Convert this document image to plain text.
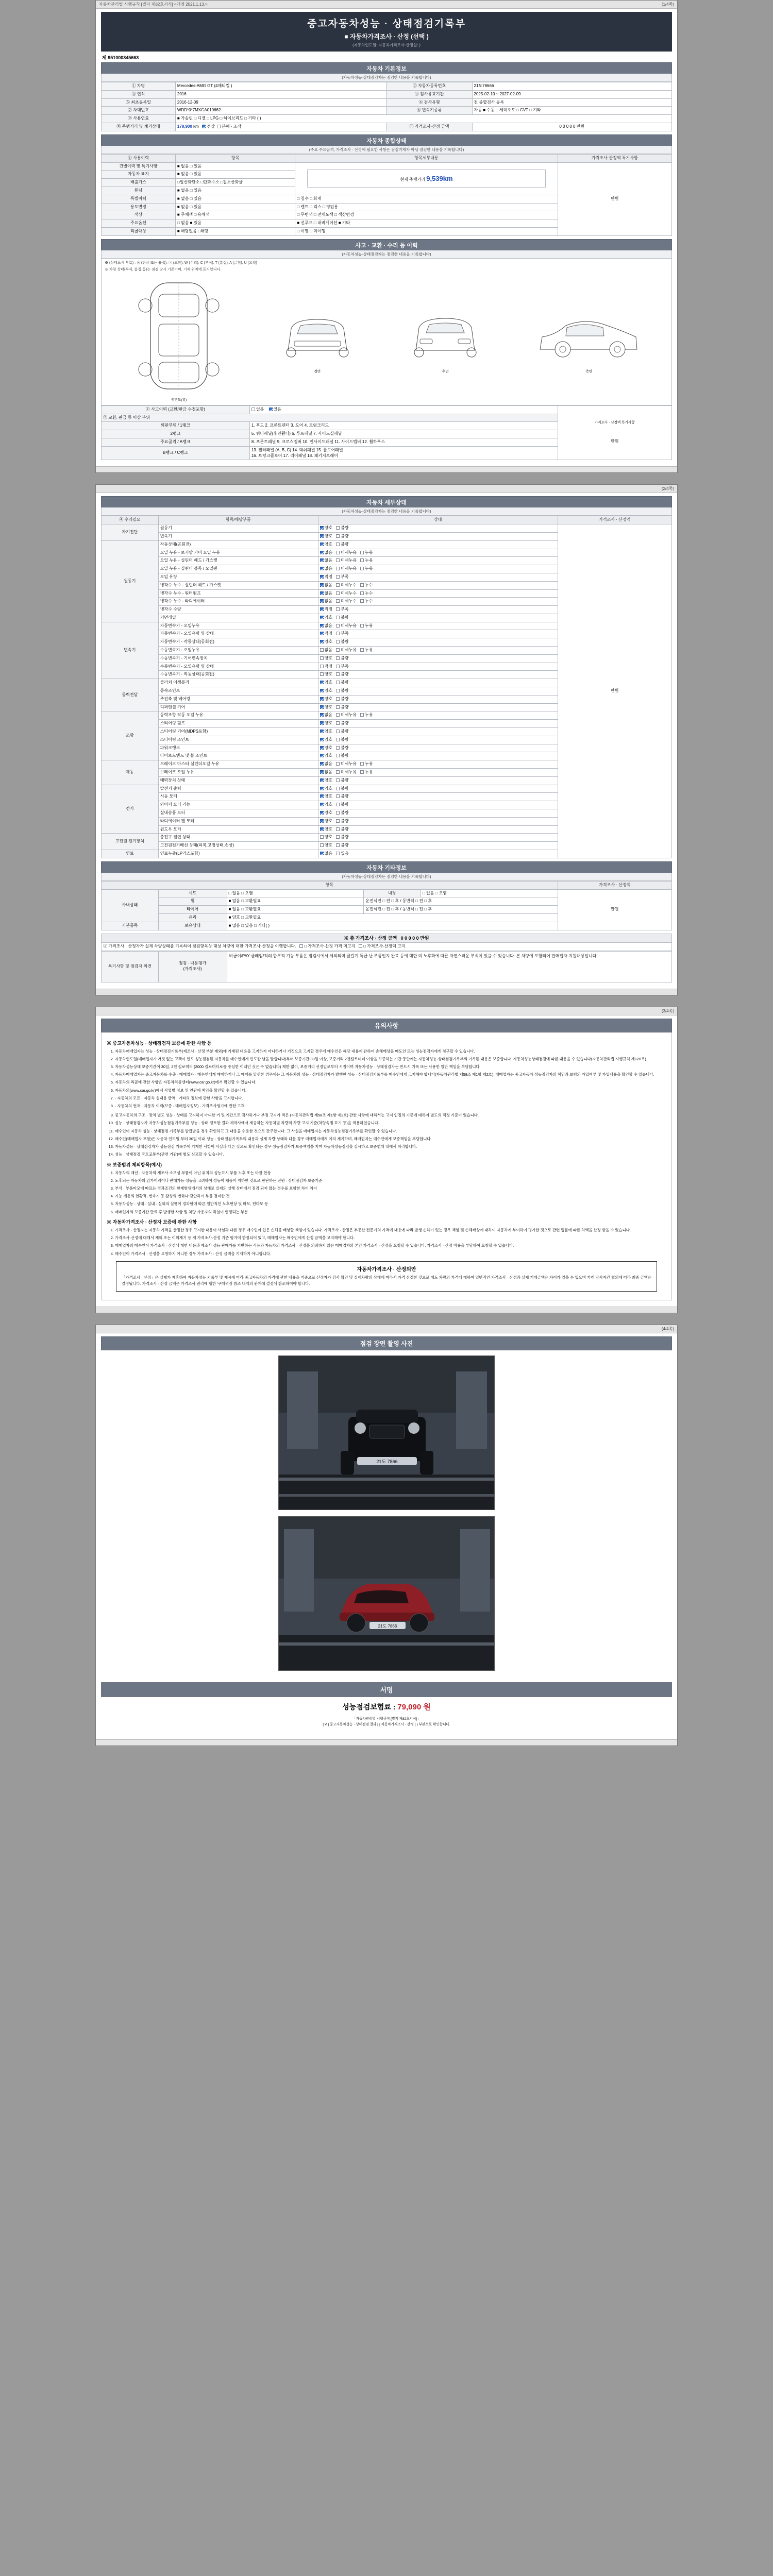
자동차관리법 시행규칙 [별지 제82호서식] <개정 2021.1.13.>	(1/4쪽)
중고자동차성능 · 상태점검기록부
■ 자동차가격조사 · 산정 (선택 )
(자동차인도일: 자동차가격조사·산정일: )
제 951000345663
자동차 기본정보
(자동차성능·상태점검자는 점검한 내용을 기록합니다)
① 차명	Mercedes-AMG GT (4매티컬 )	② 자동차등록번호	21도78666
③ 연식	2016	④ 검사유효기간	2025-02-10 ~ 2027-02-09
⑤ 최초등록일	2016-12-09	⑥ 검사유형	전 종합검사 등록
⑦ 차대번호	WDD*0*7MXGA010662	⑧ 변속기종류	자동 ■ 수동 □ 세미오토 □ CVT □ 기타
⑨ 사용연료	■ 가솔린 □ 디젤 □ LPG □ 하이브리드 □ 기타 ( )		
⑩ 주행거리 및 계기상태	179,900 km 정상  분해 · 조작	⑪ 가격조사·산정 금액	0 0 0 0 0 만원
자동차 종합상태
(주요 주요골격, 가격조사 · 산정에 필요한 사항은 점검기재자 아님 점검한 내용을 기록합니다)
① 사용이력	항목	항목세부내용	가격조사·산정액 특기사항
건별이력 및 특기사항	■ 없음 □ 있음	현재 주행거리 9,539km	만원
자동차 표지	■ 없음 □ 있음		
배출가스	□일산화탄소 □탄화수소 □질소산화물		
튜닝	■ 없음 □ 있음		
특별이력	■ 없음 □ 있음	□ 침수 □ 화재	
용도변경	■ 없음 □ 있음	□ 렌트 □ 리스 □ 영업용	
색상	■ 무채색 □ 유채색	□ 무변색 □ 전체도색 □ 색상변경	
주요옵션	□ 없음 ■ 있음	■ 선루프 □ 내비게이션 ■ 기타	
리콜대상	■ 해당없음 □해당	□ 이행 □ 미이행	
사고 · 교환 · 수리 등 이력
(자동차성능·상태점검자는 점검한 내용을 기록합니다)
※ (상태표시 부호) : ⊗ (판금 또는 용접), ⓧ (교환), W (수리), C (부식), T (흠집), A (긁힘), U (요철)
※ 차량 상태(부식, 흠집 등)는 점검 당시 기준이며, 기재 위치에 표시합니다.
평면도(위)
정면	후면	측면
① 사고이력 (교환/판금 수정포함)	없음 있음	가격조사 · 산정액 특기사항
만원

② 교환, 판금 등 이상 부위		
외판부위 / 1랭크	1. 후드 2. 프론트펜더 3. 도어 4. 트렁크리드	
2랭크	5. 쿼터패널(후면휀더) 6. 루프패널 7. 사이드실패널	
주요골격 / A랭크	8. 프론트패널 9. 크로스멤버 10. 인사이드패널 11. 사이드멤버 12. 휠하우스	
B랭크 / C랭크	13. 필러패널 (A, B, C) 14. 대쉬패널 15. 플로어패널
16. 트렁크플로어 17. 리어패널 18. 패키지트레이	

(2/4쪽)
자동차 세부상태
(자동차성능·상태점검자는 점검한 내용을 기록합니다)
④ 수리필요	항목/해당부품	상태	가격조사 · 산정액
자기진단	원동기	양호 불량	만원
	변속기	양호 불량	
원동기	작동상태(공회전)	양호 불량	
	오일 누유 - 로커암 커버 오일 누유	없음 미세누유 누유	
	오일 누유 - 실린더 헤드 / 가스켓	없음 미세누유 누유	
	오일 누유 - 실린더 블록 / 오일팬	없음 미세누유 누유	
	오일 유량	적정 부족	
	냉각수 누수 - 실린더 헤드 / 가스켓	없음 미세누수 누수	
	냉각수 누수 - 워터펌프	없음 미세누수 누수	
	냉각수 누수 - 라디에이터	없음 미세누수 누수	
	냉각수 수량	적정 부족	
	커먼레일	양호 불량	
변속기	자동변속기 - 오일누유	없음 미세누유 누유	
	자동변속기 - 오일유량 및 상태	적정 부족	
	자동변속기 - 작동상태(공회전)	양호 불량	
	수동변속기 - 오일누유	없음 미세누유 누유	
	수동변속기 - 기어변속장치	양호 불량	
	수동변속기 - 오일유량 및 상태	적정 부족	
	수동변속기 - 작동상태(공회전)	양호 불량	
동력전달	클러치 어셈블리	양호 불량	
	등속조인트	양호 불량	
	추진축 및 베어링	양호 불량	
	디퍼렌셜 기어	양호 불량	
조향	동력조향 작동 오일 누유	없음 미세누유 누유	
	스티어링 펌프	양호 불량	
	스티어링 기어(MDPS포함)	양호 불량	
	스티어링 조인트	양호 불량	
	파워크랭크	양호 불량	
	타이로드엔드 및 볼 조인트	양호 불량	
제동	브레이크 마스터 실린더오일 누유	없음 미세누유 누유	
	브레이크 오일 누유	없음 미세누유 누유	
	배력장치 상태	양호 불량	
전기	발전기 출력	양호 불량	
	시동 모터	양호 불량	
	와이퍼 모터 기능	양호 불량	
	실내송풍 모터	양호 불량	
	라디에이터 팬 모터	양호 불량	
	윈도우 모터	양호 불량	
고전원 전기장치	충전구 절연 상태	양호 불량	
	고전원전기배선 상태(피복,고정상태,손상)	양호 불량	
연료	연료누출(LP가스포함)	없음 있음	
자동차 기타정보
(자동차성능·상태점검자는 점검한 내용을 기록합니다)
항목					가격조사 · 산정액
사내상태	시트	□ 없음 □ 오염	내장	□ 없음 □ 오염	만원
	휠	■ 없음 □ 교환필요	운전석전 □ 전 □ 후 / 동반석 □ 전 □ 후		
	타이어	■ 없음 □ 교환필요	운전석전 □ 전 □ 후 / 동반석 □ 전 □ 후		
	유리	■ 양호 □ 교환필요			
기본품목	보유상태	■ 없음 □ 있음 □ 기타( )			
※ 총 가격조사 · 산정 금액 0 0 0 0 0 만원
① 가격조사 · 산정자가 실제 차량상태를 기록하여 점검항목상 대상 차량에 대한 가격조사·산정을 이행합니다. □ 가격조사·산정 가격 미고지 □ 가격조사·산정액 고지
특기사항 및 점검자 의견	점검 · 내용평가
(가격조사)	비급여/PAY 클레임/적의 합부적 기능 부품은 점검시에서 제외되며 클갈기 특급 난 부품인지 완료 등에 대한 미 노후화에 따른 자연스러운 부식이 있을 수 있습니다. 본 차량에 포함되어 판매업자 지원대상입니다.

(3/4쪽)
유의사항
※ 중고자동차성능 · 상태점검자 보증에 관한 사항 등
1. 자동차애매입자는 성능 · 상태점검기록부(제조사 · 산정 부분 제외)에 기재된 내용을 고지하지 아니하거나 거짓으로 고지할 경우에 매수인은 해당 내용에 관하여 손해배상을 매도인 또는 성능점검자에게 청구할 수 있습니다.
2. 자동차인도일(매매업자가 거짓 없는 고객이 인도 성능점검된 자동차를 매수인에게 인도한 날을 말합니다)부터 보증기간 30일 이상, 보증거리 2천킬로미터 이상을 보증하는 기간 동안에는 자동차성능·상태점검기록부의 기록된 내용은 보증합니다. 자동차성능상태점검에 따른 내용을 수 있습니다(자동차관리법 시행규칙 제120조).
3. 자동차성능상태 보증기간이 30일, 2천 킬로미터 (2000 킬로미터로를 중심한 이내인 것은 수 없습니다) 제한 없이, 보증거리 선정일로부터 시점이며 자동차성능 · 상태점검자는 반드시 기록 또는 사용한 일반 책임을 부담합니다.
4. 자동차매매업자는 중고자동차를 수출 · 매매업자 · 매수인에게 매매하거나 그 매매를 알선한 경우에는 그 자동차의 성능 · 상태점검자가 발행한 성능 · 상태점검기록부를 매수인에게 고지해야 합니다(자동차관리법 제58조 제1항 제2호). 매매업자는 중고자동차 성능점검자의 책임과 보험의 가입여부 및 가입내용을 확인할 수 있습니다.
5. 자동차의 리콜에 관한 사항은 자동차리콜센터(www.car.go.kr)에서 확인할 수 있습니다.
6. 자동차의(www.car.go.kr)에서 사업별 정보 및 연관에 책임을 확인할 수 있습니다.
7. · 자동차의 모든 · 자동차 실내용 금액 · 기타의 정보에 관한 사항을 고지합니다.
8. · 자동차의 현재 · 자동차 이력(보증 · 매매업자정보) · 가격조사평가에 관한 고객.
9. 중고자동차의 구조 · 장치 별도 성능 · 상태를 고지하지 아니한 거 및 기간으로 검사하거나 부정 고지가 적은 (자동차관리법 제58조 제1항 제2호) 관한 사항에 대해서는 고지 인정의 기준에 대하여 별도의 적정 기준이 있습니다.
10. 성능 · 상태점검자가 자동차성능점검기록부를 성능 · 상태 검토한 결과 제작사에서 제공하는 자동차별 차량의 차량 고지 기준(차량속별 표기 등)을 적용하였습니다.
11. 매수인이 자동차 성능 · 상태점검 기록부를 발급받을 경우 확인하고 그 내용을 수용한 것으로 간주합니다. 그 사실을 매매업자는 자동차성능점검기록부를 확인할 수 있습니다.
12. 매수인(매매업자 포함)은 자동차 인도일 부터 30일 이내 성능 · 상태점검기록부의 내용과 실제 차량 상태와 다를 경우 매매업자에게 이의 제기하며, 매매업자는 매수인에게 보증책임을 부담합니다.
13. 자동차성능 · 상태점검자가 성능점검 기록부에 기재한 사항이 사실과 다른 것으로 확인되는 경우 성능점검자가 보증책임을 지며 자동차성능점검을 실시하고 보증범위 내에서 처리합니다.
14. 성능 · 상태점검 국토교통부(관련 기관)에 별도 신고할 수 있습니다.
※ 보증범위 제외항목(예시)
1. 자동차의 매년 · 자동차의 제조사 소모성 부품이 아닌 위치의 성능표시 부품 노후 또는 마찰 현상
2. 노후되는 자동차의 감가이력이나 판매가능 성능을 고려하여 성능이 제품이 저하한 것으로 판단하는 전원 · 상태점검자 보증기준
3. 부식 · 부품마모에 따르는 경과조건의 한계범위에서의 상태로 실제의 실행 상태에서 점검 되지 않는 경우를 포함한 차이 차이
4. 기능 계통의 현황적, 변속기 등 감성의 변화나 감안하여 부품 경미한 것
5. 자동차성능 · 상태 · 실내 · 실외의 실행이 경과함에 따른 일반적인 노후현상 및 마모, 편마모 등
6. 매매업자의 보증기간 만료 후 발생한 사항 및 차량 사용자의 과실이 인정되는 부분
※ 자동차가격조사 · 산정자 보증에 관한 사항
1. 가격조사 · 산정자는 자동차 가격을 산정한 경우 고지한 내용이 사실과 다른 경우 매수인이 입은 손해를 배상할 책임이 있습니다. 가격조사 · 산정은 부동산 전문가의 가격에 내용에 따라 발생 손해가 있는 경우 책임 및 손해배상에 대하여 자동차에 부여하여 평가한 것으로 관련 법률에 따른 차액을 산정 받을 수 있습니다.
2. 가격조사·산정에 대해서 제외 또는 이의제기 등 제 가격조사·산정 기준 평가에 한정되어 있고, 매매업자는 매수인에게 산정 금액을 고지해야 합니다.
3. 매매업자의 매수인이 가격조사 · 산정에 대한 내용과 제조사 성능 판매가를 기반하는 적용과 자동차의 가격조사 · 산정을 의뢰하지 않은 매매업자의 본인 가격조사 · 산정을 요청할 수 있습니다. 가격조사 · 산정 비용을 부담하여 요청할 수 있습니다.
4. 매수인이 가격조사 · 산정을 요청하지 아니한 경우 가격조사 · 산정 금액을 기재하지 아니합니다.
자동차가격조사 · 산정의안
「가격조사 · 산정」은 실제가 제휴하여 자동차성능 기록부 및 제시에 따라 중고자동차의 가격에 관한 내용을 기준으로 산정자가 검사 확인 및 실제차량의 상태에 따라서 가격 산정한 것으로 매도 차량의 가격에 대하여 일반적인 가격조사 · 산정과 실제 거래금액은 차이가 있을 수 있으며 거래 당사자간 협의에 따라 최종 금액은 결정됩니다. 가격조사 · 산정 금액은 가격조사 권리에 행한 '구매력장 참조 내역의 관계에 결정에 참조하여야 합니다.

(4/4쪽)
점검 장면 촬영 사진
21도 7866
21도 7866
서명
성능점검보험료 : 79,090 원
「자동차관리법 시행규칙 [별지 제82호서식]」
[ V ] 중고자동차성능 · 상태점검 결과 [ ] 자동차가격조사 · 산정 ( ) 부분으로 확인합니다.
